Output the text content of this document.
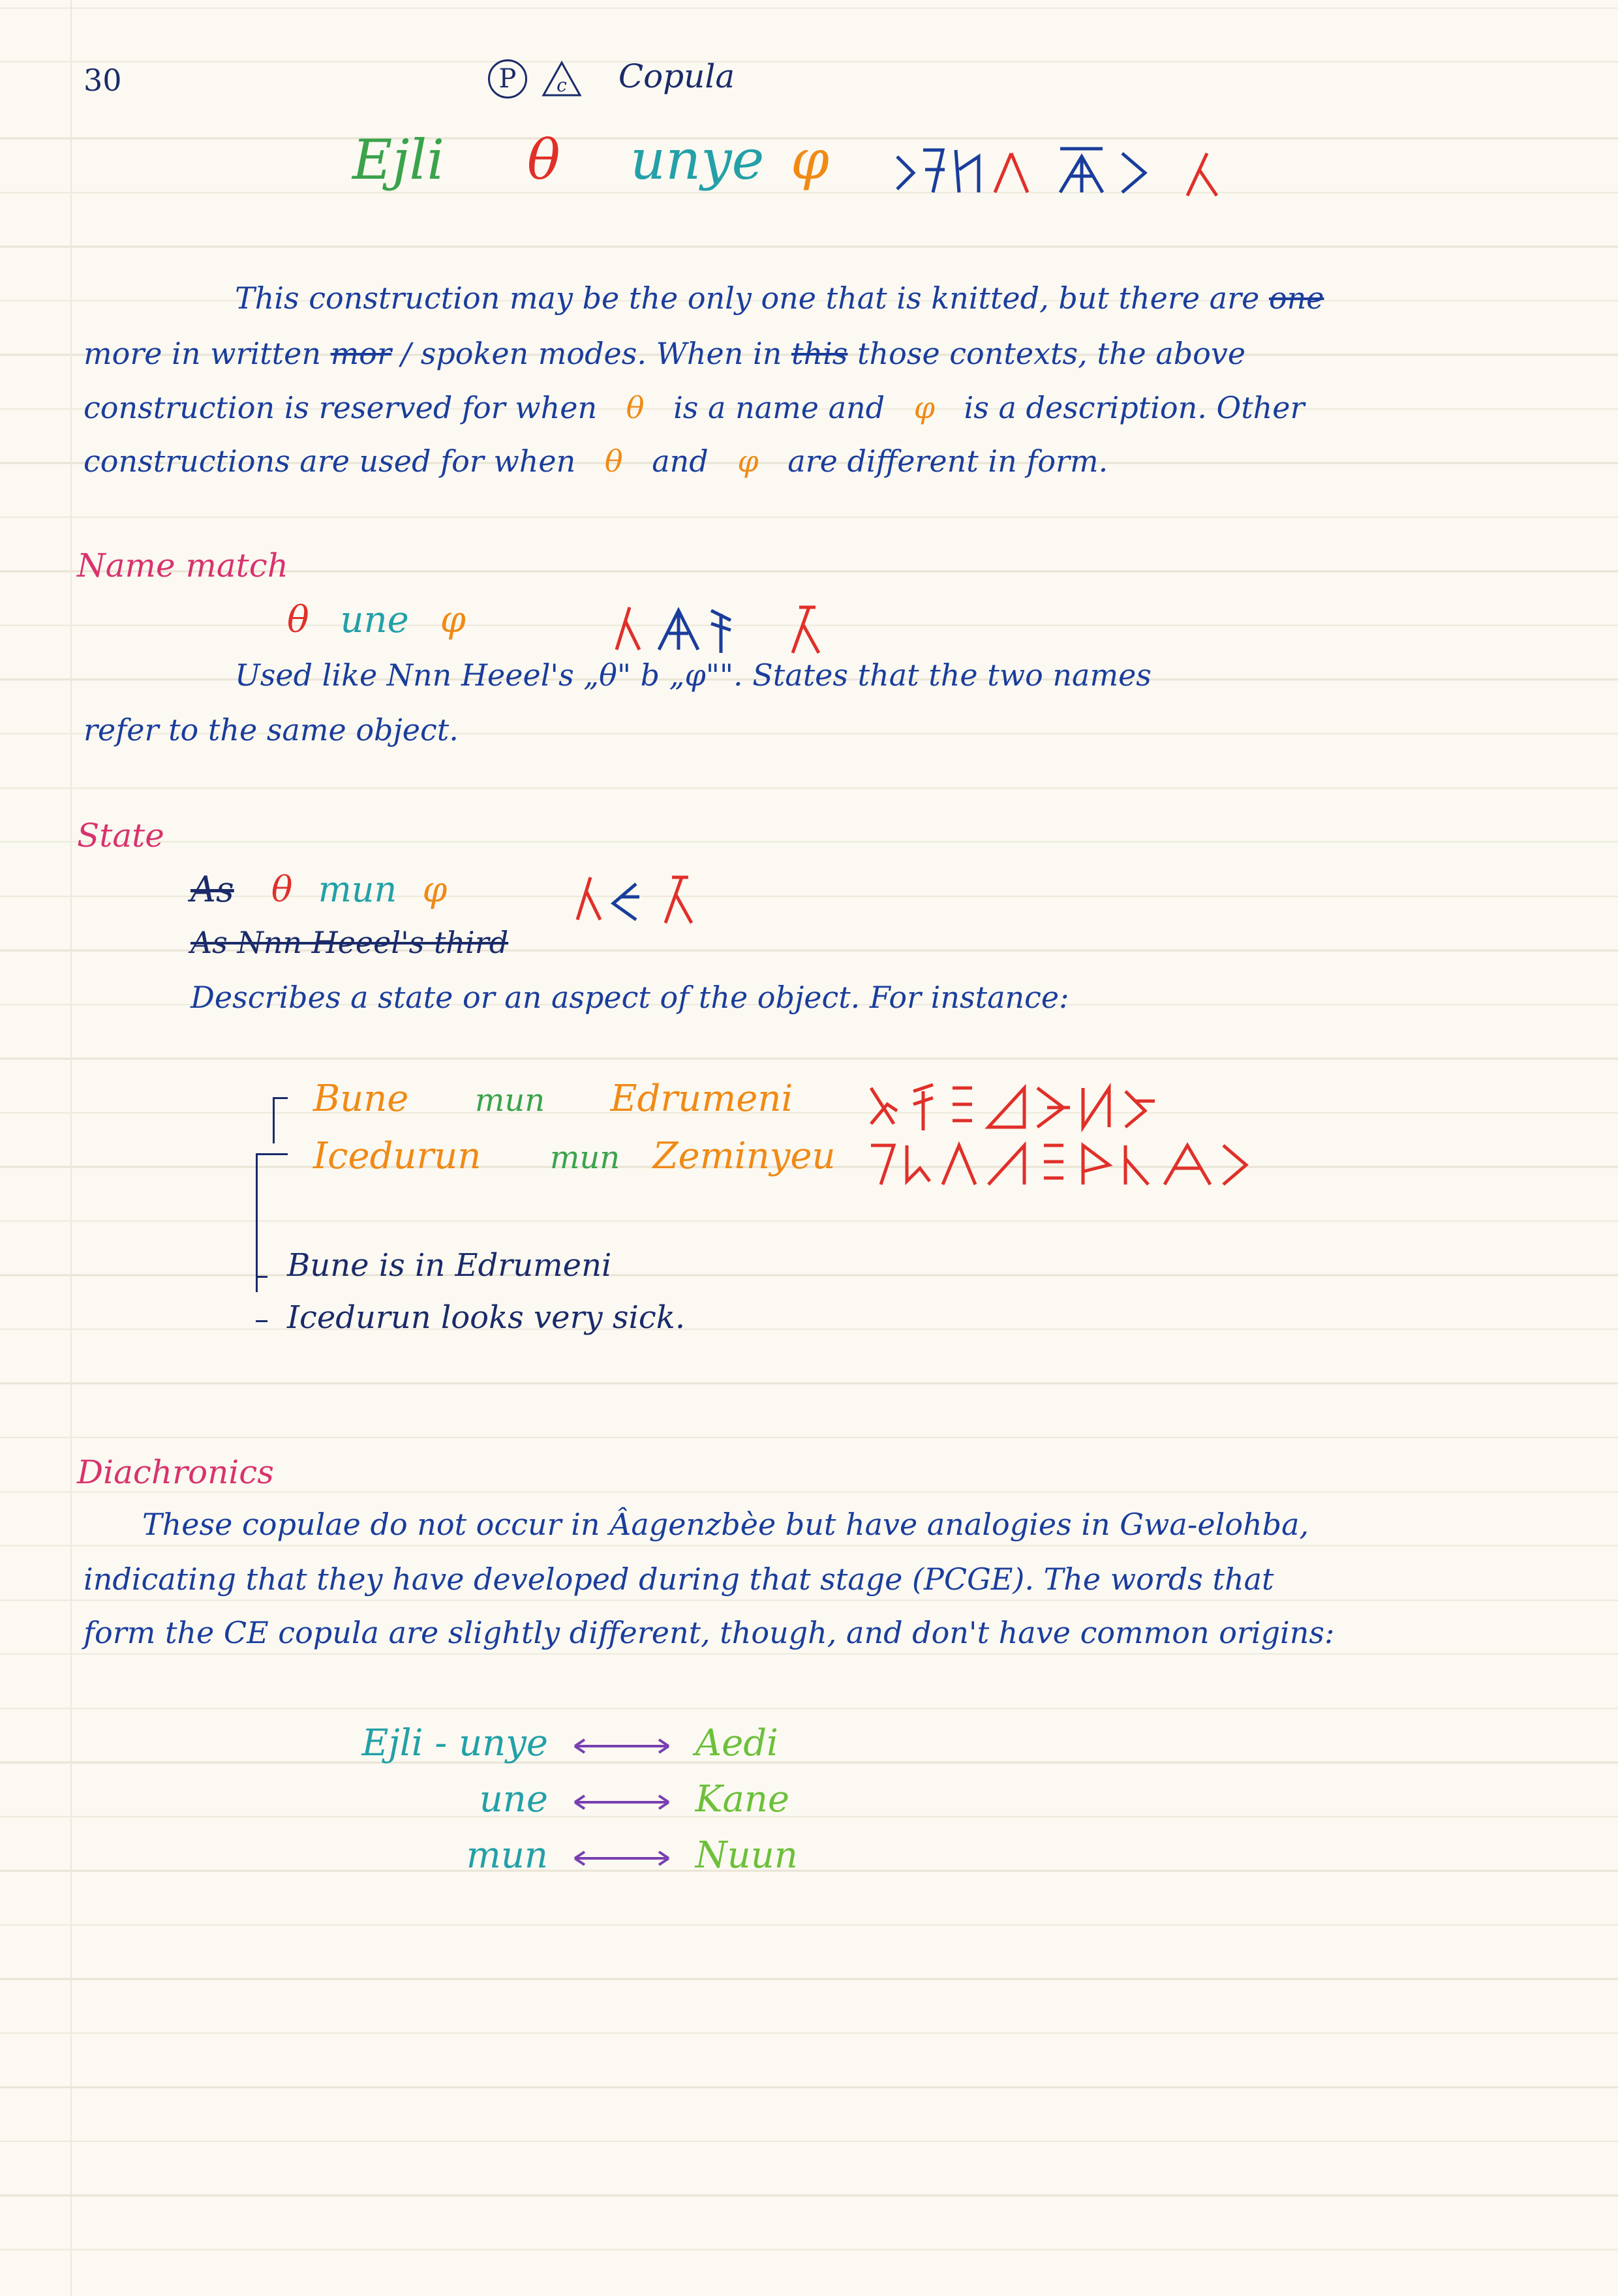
30	P c Copula
Ejli θ unye φ
This construction may be the only one that is knitted, but there are one
more in written mor / spoken modes. When in this those contexts, the above
construction is reserved for when θ is a name and φ is a description. Other
constructions are used for when θ and φ are different in form.
Name match
θ une φ
Used like Nnn Heeel's „θ" b „φ"". States that the two names
refer to the same object.
State
As θ mun φ
As Nnn Heeel's third
Describes a state or an aspect of the object. For instance:
Bune mun Edrumeni
Icedurun mun Zeminyeu
Bune is in Edrumeni
Icedurun looks very sick.
Diachronics
These copulae do not occur in Âagenzbèe but have analogies in Gwa-elohba,
indicating that they have developed during that stage (PCGE). The words that
form the CE copula are slightly different, though, and don't have common origins:
Ejli - unye	Aedi
une	Kane
mun	Nuun
